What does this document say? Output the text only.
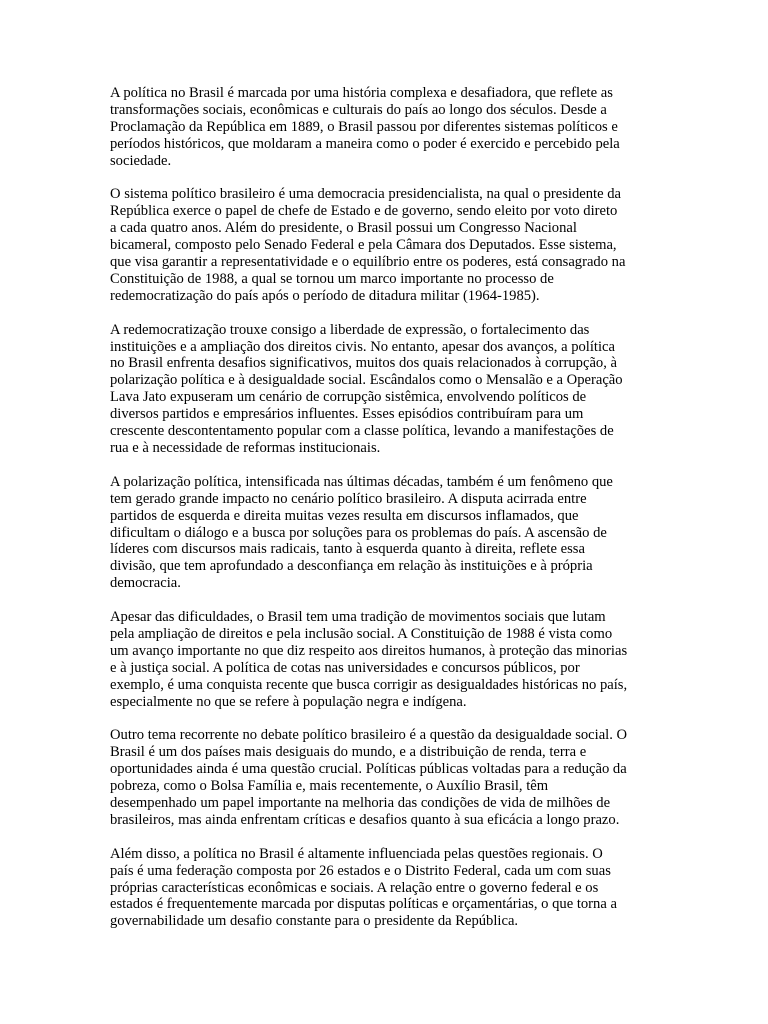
A política no Brasil é marcada por uma história complexa e desafiadora, que reflete as
transformações sociais, econômicas e culturais do país ao longo dos séculos. Desde a
Proclamação da República em 1889, o Brasil passou por diferentes sistemas políticos e
períodos históricos, que moldaram a maneira como o poder é exercido e percebido pela
sociedade.

O sistema político brasileiro é uma democracia presidencialista, na qual o presidente da
República exerce o papel de chefe de Estado e de governo, sendo eleito por voto direto
a cada quatro anos. Além do presidente, o Brasil possui um Congresso Nacional
bicameral, composto pelo Senado Federal e pela Câmara dos Deputados. Esse sistema,
que visa garantir a representatividade e o equilíbrio entre os poderes, está consagrado na
Constituição de 1988, a qual se tornou um marco importante no processo de
redemocratização do país após o período de ditadura militar (1964-1985).

A redemocratização trouxe consigo a liberdade de expressão, o fortalecimento das
instituições e a ampliação dos direitos civis. No entanto, apesar dos avanços, a política
no Brasil enfrenta desafios significativos, muitos dos quais relacionados à corrupção, à
polarização política e à desigualdade social. Escândalos como o Mensalão e a Operação
Lava Jato expuseram um cenário de corrupção sistêmica, envolvendo políticos de
diversos partidos e empresários influentes. Esses episódios contribuíram para um
crescente descontentamento popular com a classe política, levando a manifestações de
rua e à necessidade de reformas institucionais.

A polarização política, intensificada nas últimas décadas, também é um fenômeno que
tem gerado grande impacto no cenário político brasileiro. A disputa acirrada entre
partidos de esquerda e direita muitas vezes resulta em discursos inflamados, que
dificultam o diálogo e a busca por soluções para os problemas do país. A ascensão de
líderes com discursos mais radicais, tanto à esquerda quanto à direita, reflete essa
divisão, que tem aprofundado a desconfiança em relação às instituições e à própria
democracia.

Apesar das dificuldades, o Brasil tem uma tradição de movimentos sociais que lutam
pela ampliação de direitos e pela inclusão social. A Constituição de 1988 é vista como
um avanço importante no que diz respeito aos direitos humanos, à proteção das minorias
e à justiça social. A política de cotas nas universidades e concursos públicos, por
exemplo, é uma conquista recente que busca corrigir as desigualdades históricas no país,
especialmente no que se refere à população negra e indígena.

Outro tema recorrente no debate político brasileiro é a questão da desigualdade social. O
Brasil é um dos países mais desiguais do mundo, e a distribuição de renda, terra e
oportunidades ainda é uma questão crucial. Políticas públicas voltadas para a redução da
pobreza, como o Bolsa Família e, mais recentemente, o Auxílio Brasil, têm
desempenhado um papel importante na melhoria das condições de vida de milhões de
brasileiros, mas ainda enfrentam críticas e desafios quanto à sua eficácia a longo prazo.

Além disso, a política no Brasil é altamente influenciada pelas questões regionais. O
país é uma federação composta por 26 estados e o Distrito Federal, cada um com suas
próprias características econômicas e sociais. A relação entre o governo federal e os
estados é frequentemente marcada por disputas políticas e orçamentárias, o que torna a
governabilidade um desafio constante para o presidente da República.
